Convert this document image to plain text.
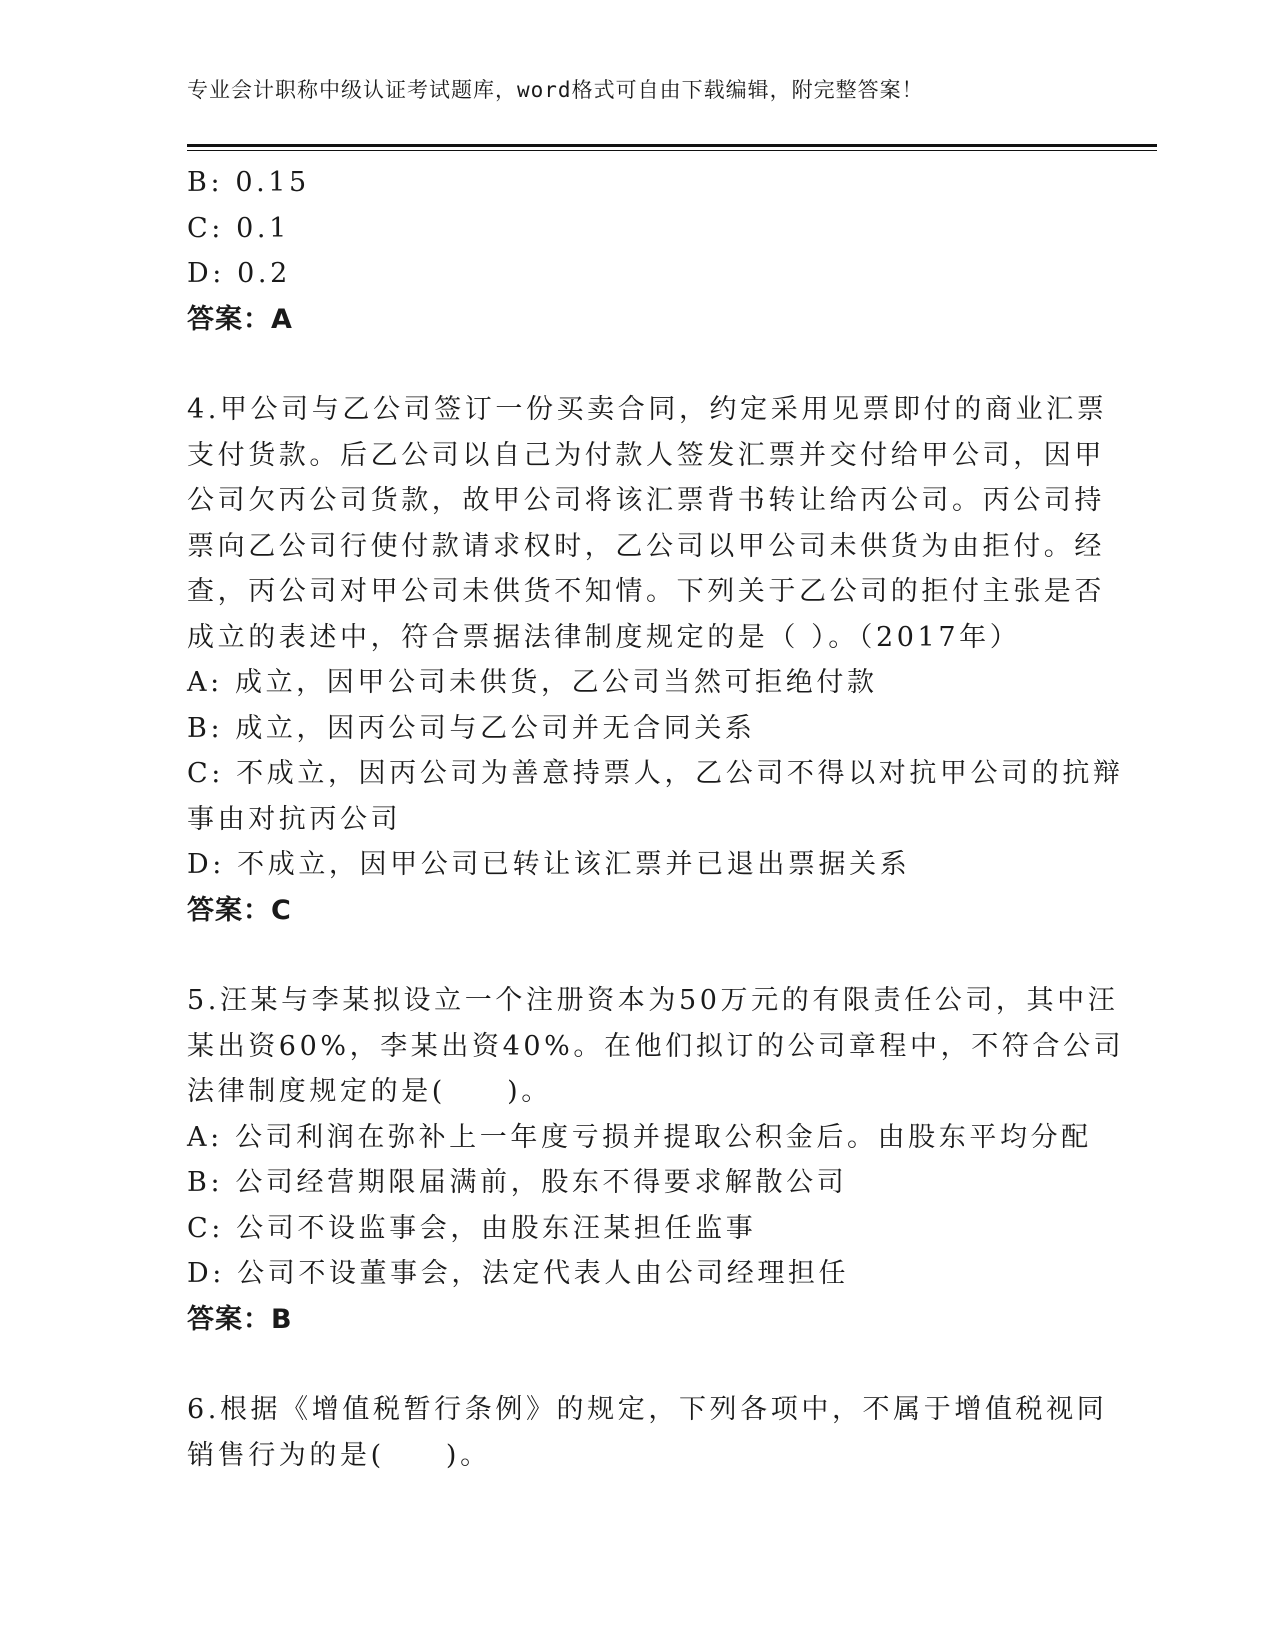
专业会计职称中级认证考试题库，word格式可自由下载编辑，附完整答案！
B: 0.15
C: 0.1
D: 0.2
答案：A
4.甲公司与乙公司签订一份买卖合同，约定采用见票即付的商业汇票
支付货款。后乙公司以自己为付款人签发汇票并交付给甲公司，因甲
公司欠丙公司货款，故甲公司将该汇票背书转让给丙公司。丙公司持
票向乙公司行使付款请求权时，乙公司以甲公司未供货为由拒付。经
查，丙公司对甲公司未供货不知情。下列关于乙公司的拒付主张是否
成立的表述中，符合票据法律制度规定的是（ ）。（2017年）
A: 成立，因甲公司未供货，乙公司当然可拒绝付款
B: 成立，因丙公司与乙公司并无合同关系
C: 不成立，因丙公司为善意持票人，乙公司不得以对抗甲公司的抗辩
事由对抗丙公司
D: 不成立，因甲公司已转让该汇票并已退出票据关系
答案：C
5.汪某与李某拟设立一个注册资本为50万元的有限责任公司，其中汪
某出资60%，李某出资40%。在他们拟订的公司章程中，不符合公司
法律制度规定的是(　　)。
A: 公司利润在弥补上一年度亏损并提取公积金后。由股东平均分配
B: 公司经营期限届满前，股东不得要求解散公司
C: 公司不设监事会，由股东汪某担任监事
D: 公司不设董事会，法定代表人由公司经理担任
答案：B
6.根据《增值税暂行条例》的规定，下列各项中，不属于增值税视同
销售行为的是(　　)。
